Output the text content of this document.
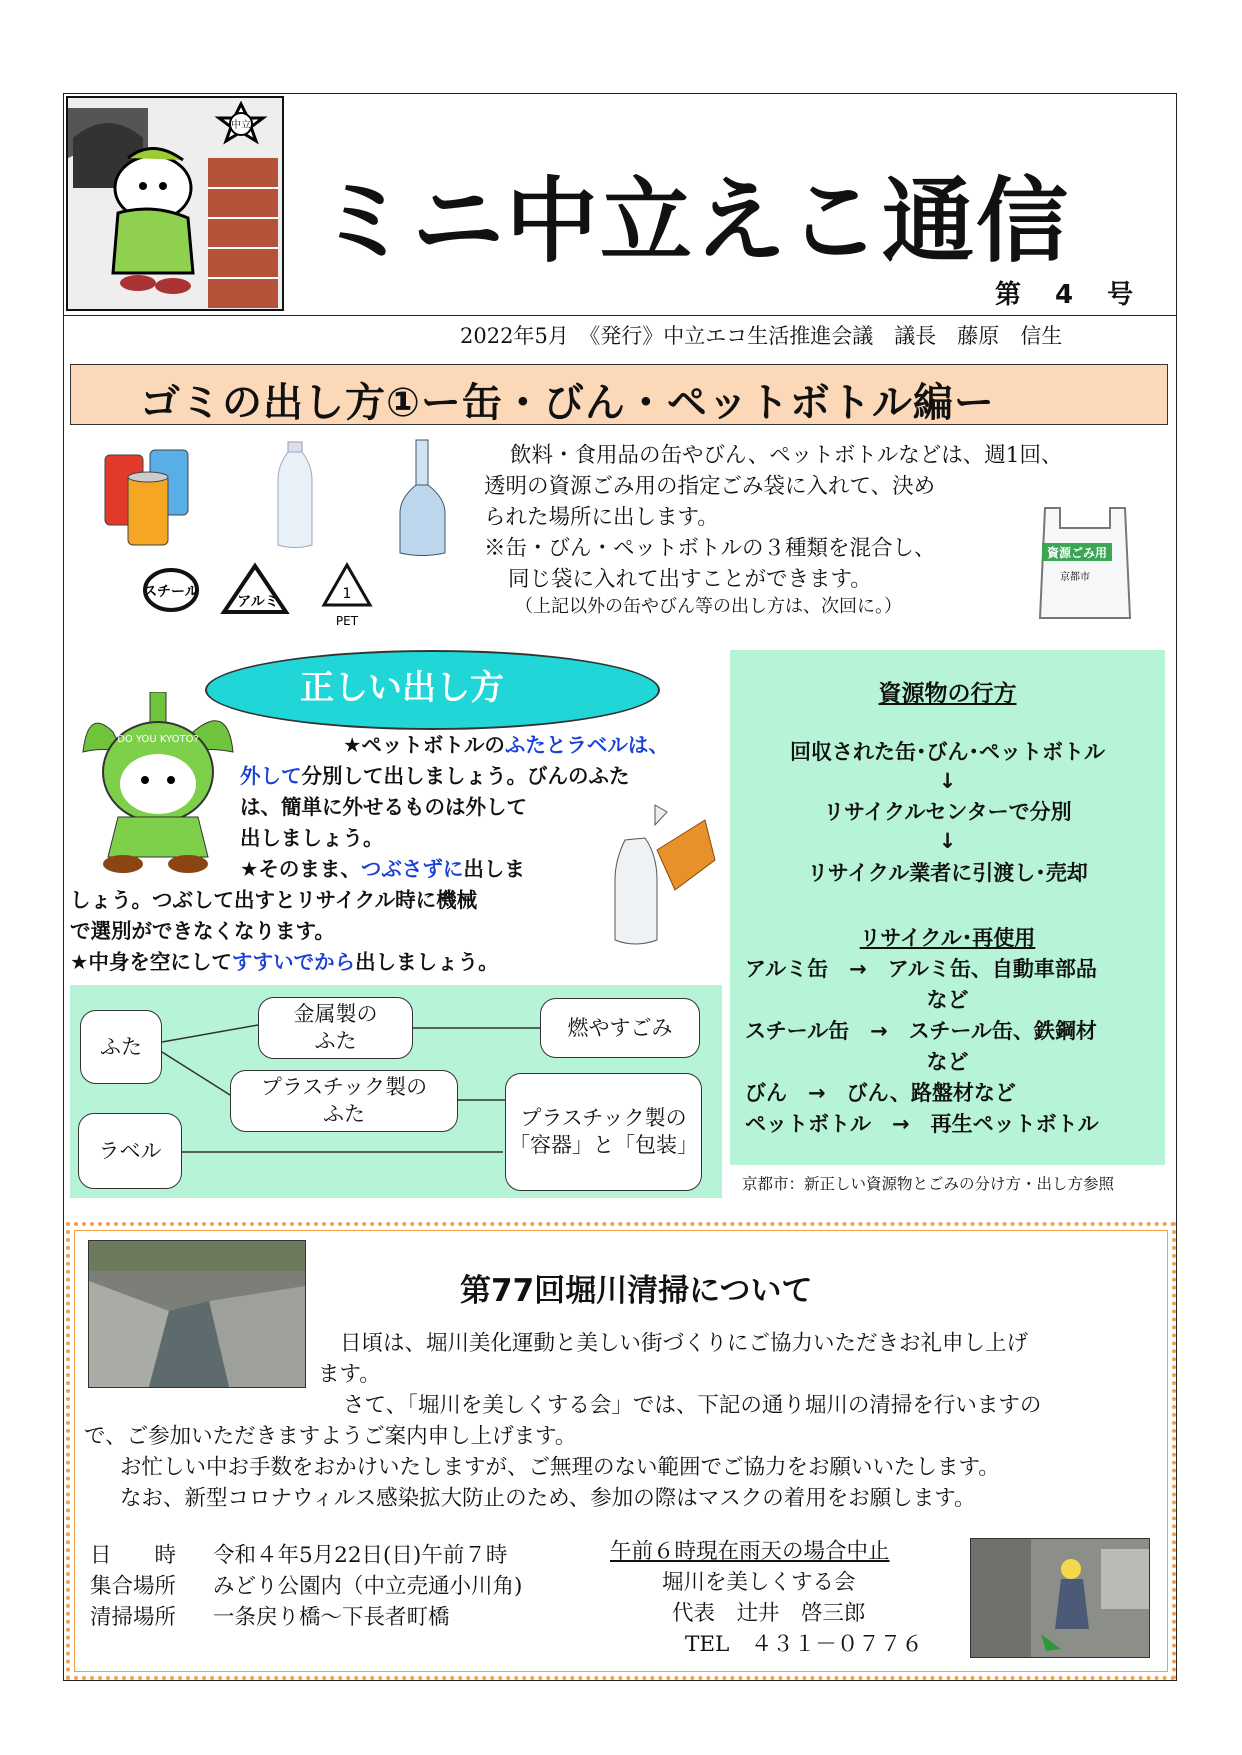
中立
ミニ中立えこ通信
第　4　号
2022年5月　《発行》中立エコ生活推進会議　議長　藤原　信生
ゴミの出し方①ー缶・びん・ペットボトル編ー
スチール
アルミ	1
PET
飲料・食用品の缶やびん、ペットボトルなどは、週1回、
透明の資源ごみ用の指定ごみ袋に入れて、決め
られた場所に出します。
※缶・びん・ペットボトルの３種類を混合し、
同じ袋に入れて出すことができます。
（上記以外の缶やびん等の出し方は、次回に。）
資源ごみ用
京都市
正しい出し方
DO YOU KYOTO?	★ペットボトルのふたとラベルは、
外して分別して出しましょう。びんのふた
は、簡単に外せるものは外して
出しましょう。
★そのまま、つぶさずに出しま
しょう。つぶして出すとリサイクル時に機械
で選別ができなくなります。
★中身を空にしてすすいでから出しましょう。
ふた
ラベル
金属製の
ふた
プラスチック製の
ふた
燃やすごみ
プラスチック製の
「容器」と「包装」
資源物の行方
回収された缶･びん･ペットボトル
↓
リサイクルセンターで分別
↓
リサイクル業者に引渡し･売却
リサイクル･再使用
アルミ缶　→　アルミ缶、自動車部品
など
スチール缶　→　スチール缶、鉄鋼材
など
びん　→　びん、路盤材など
ペットボトル　→　再生ペットボトル
京都市：新正しい資源物とごみの分け方・出し方参照
第77回堀川清掃について
日頃は、堀川美化運動と美しい街づくりにご協力いただきお礼申し上げ
ます。
さて、「堀川を美しくする会」では、下記の通り堀川の清掃を行いますの
で、ご参加いただきますようご案内申し上げます。
お忙しい中お手数をおかけいたしますが、ご無理のない範囲でご協力をお願いいたします。
なお、新型コロナウィルス感染拡大防止のため、参加の際はマスクの着用をお願します。
日　　時 令和４年5月22日(日)午前７時
集合場所 みどり公園内（中立売通小川角)
清掃場所 一条戻り橋～下長者町橋
午前６時現在雨天の場合中止
堀川を美しくする会
代表　辻井　啓三郎
TEL　４３１－０７７６
